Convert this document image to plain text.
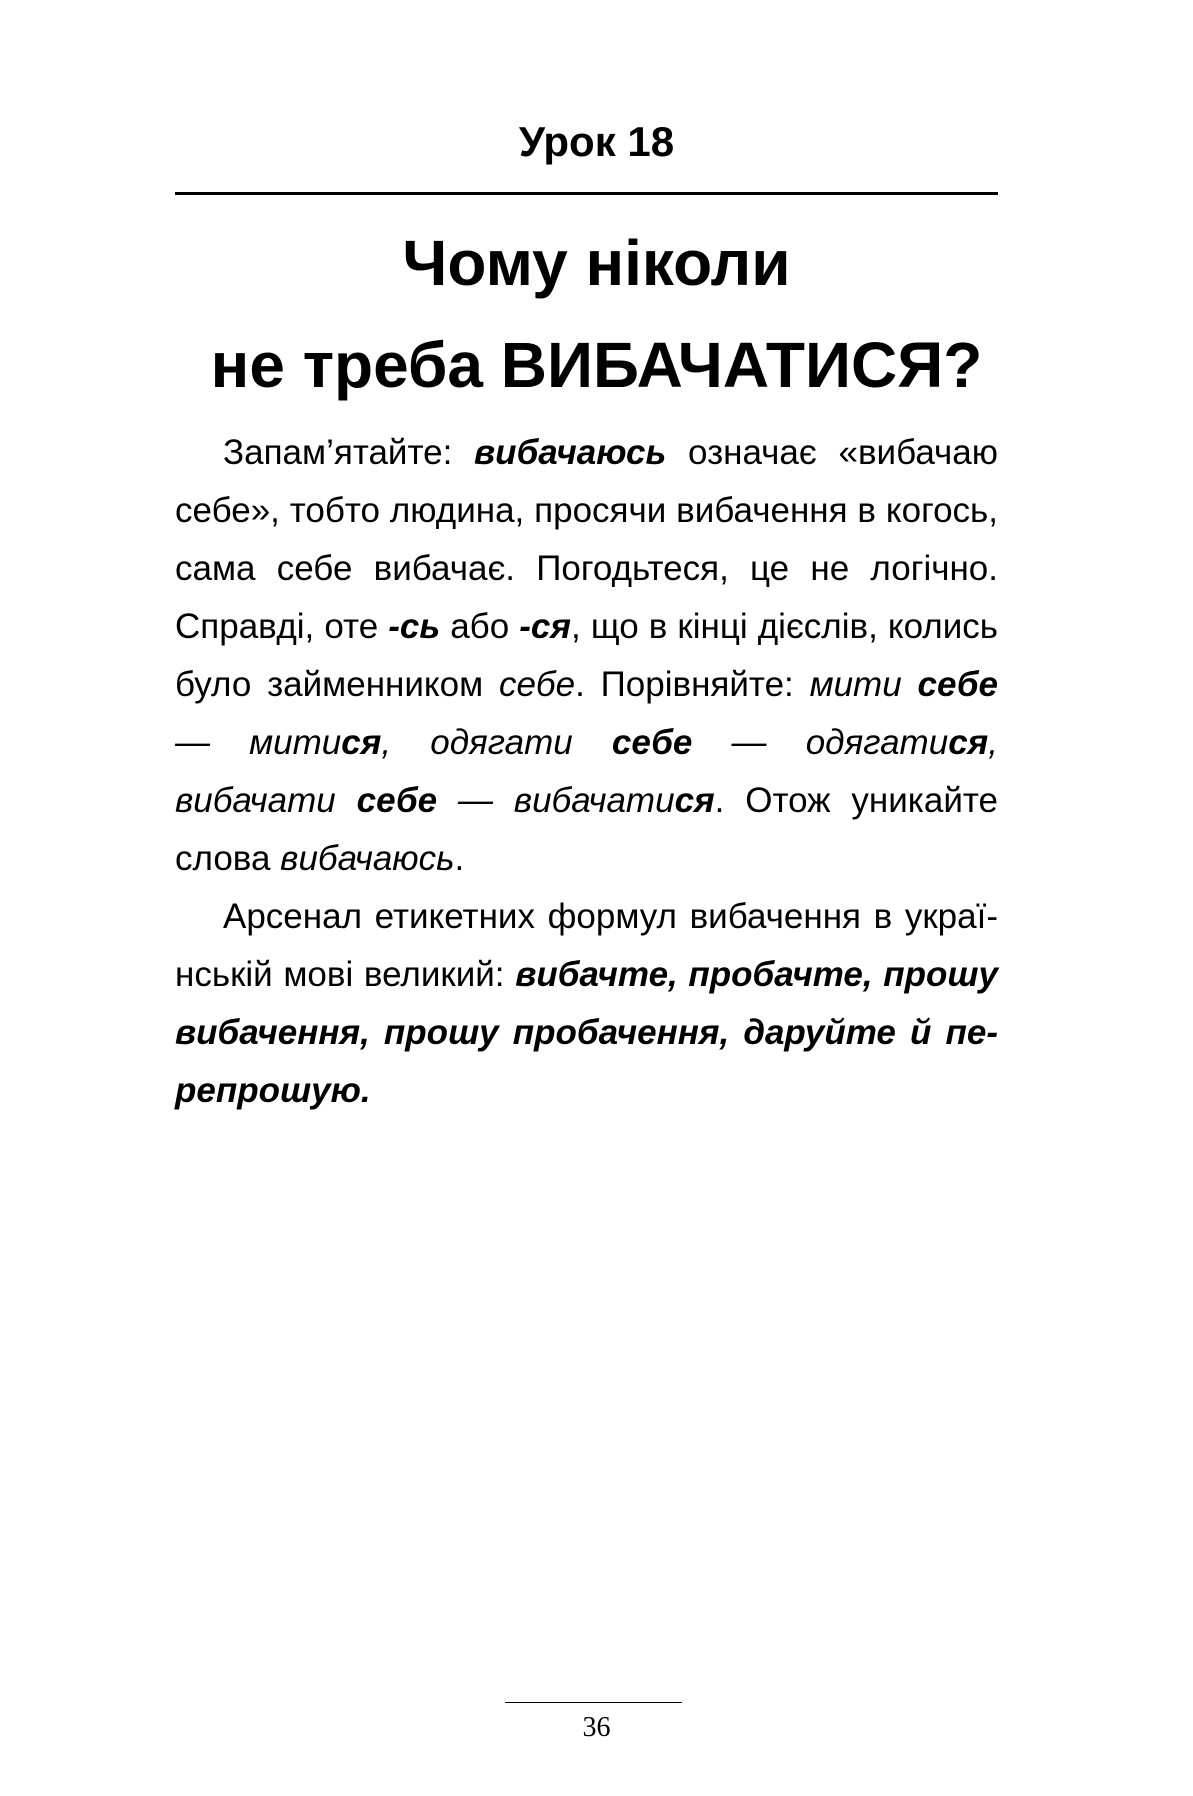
Урок 18
Чому ніколи
не треба ВИБАЧАТИСЯ?

Запам’ятайте: вибачаюсь означає «вибачаю себе», тобто людина, просячи вибачення в когось, сама себе вибачає. Погодьтеся, це не логічно. Справді, оте -сь або -ся, що в кінці дієслів, колись було займенником себе. Порівняйте: мити себе — митися, одягати себе — одягатися, вибачати себе — вибачатися. Отож уникайте слова вибачаюсь.

Арсенал етикетних формул вибачення в українській мові великий: вибачте, пробачте, прошу вибачення, прошу пробачення, даруйте й перепрошую.

36
